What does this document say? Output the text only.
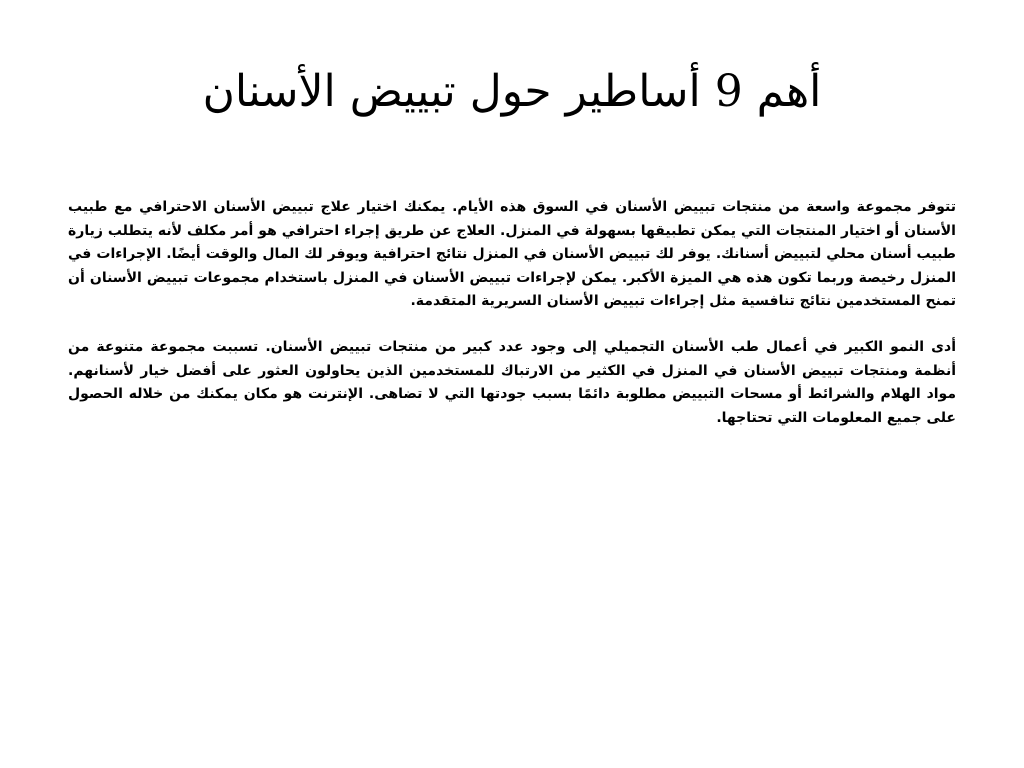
أهم 9 أساطير حول تبييض الأسنان

تتوفر مجموعة واسعة من منتجات تبييض الأسنان في السوق هذه الأيام. يمكنك اختيار علاج تبييض الأسنان الاحترافي مع طبيب الأسنان أو اختيار المنتجات التي يمكن تطبيقها بسهولة في المنزل. العلاج عن طريق إجراء احترافي هو أمر مكلف لأنه يتطلب زيارة طبيب أسنان محلي لتبييض أسنانك. يوفر لك تبييض الأسنان في المنزل نتائج احترافية ويوفر لك المال والوقت أيضًا. الإجراءات في المنزل رخيصة وربما تكون هذه هي الميزة الأكبر. يمكن لإجراءات تبييض الأسنان في المنزل باستخدام مجموعات تبييض الأسنان أن تمنح المستخدمين نتائج تنافسية مثل إجراءات تبييض الأسنان السريرية المتقدمة.

أدى النمو الكبير في أعمال طب الأسنان التجميلي إلى وجود عدد كبير من منتجات تبييض الأسنان. تسببت مجموعة متنوعة من أنظمة ومنتجات تبييض الأسنان في المنزل في الكثير من الارتباك للمستخدمين الذين يحاولون العثور على أفضل خيار لأسنانهم. مواد الهلام والشرائط أو مسحات التبييض مطلوبة دائمًا بسبب جودتها التي لا تضاهى. الإنترنت هو مكان يمكنك من خلاله الحصول على جميع المعلومات التي تحتاجها.
